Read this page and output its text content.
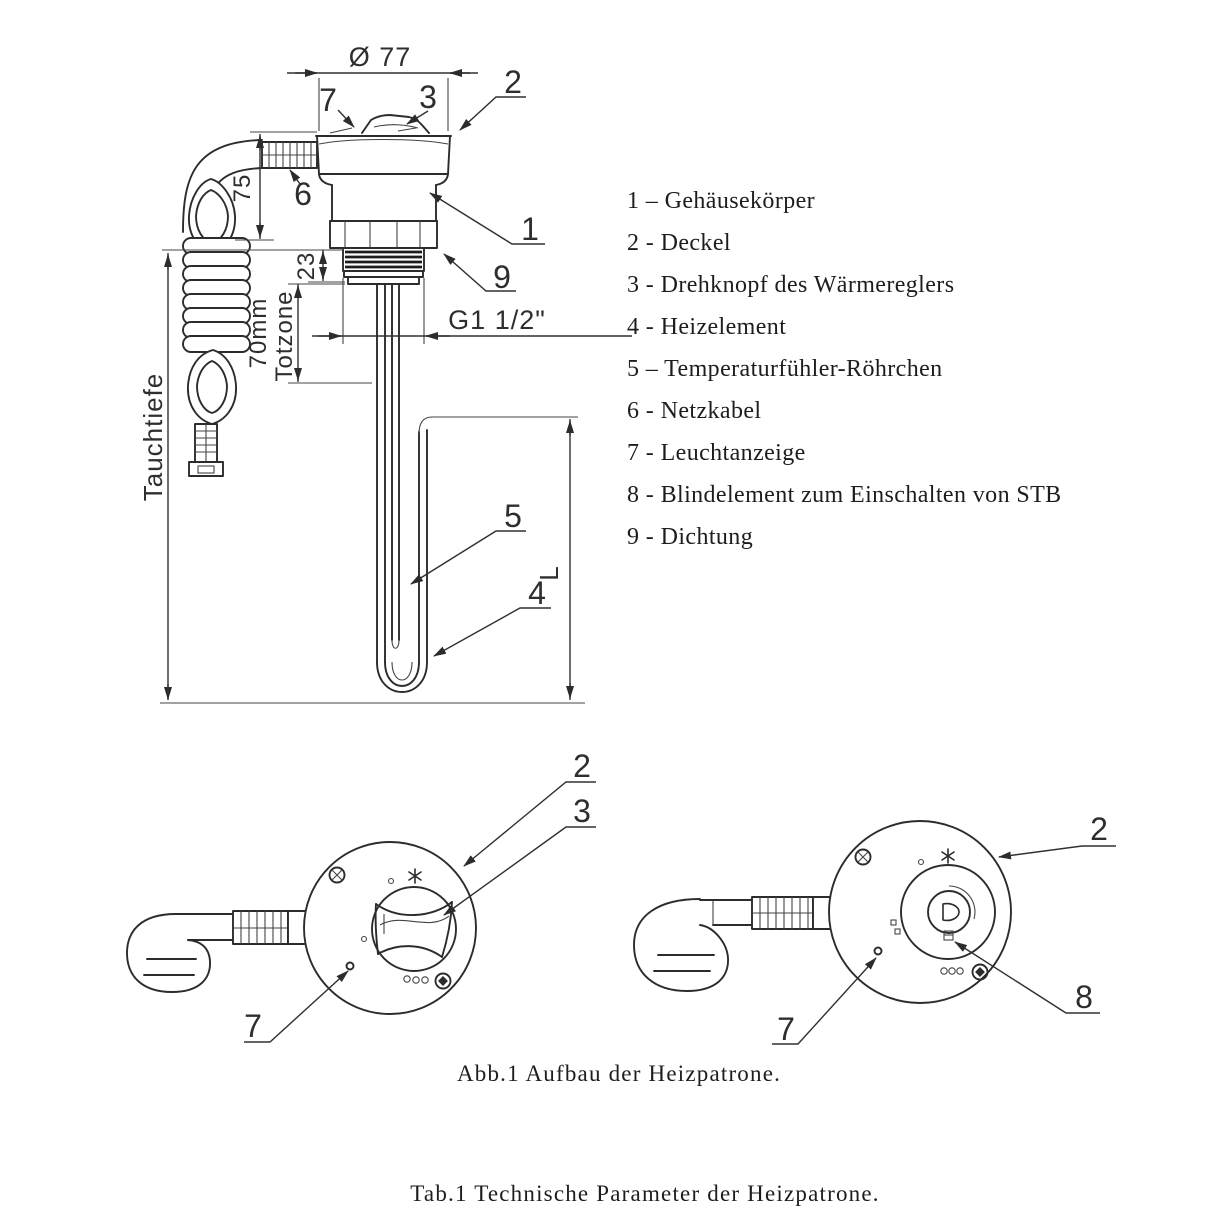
Ø 77
75
Tauchtiefe
23
70mm Totzone	G1 1/2"
L
7	3 2
6
1
9
5
4
2
3
7
2
8
7
1 – Gehäusekörper
2 - Deckel
3 - Drehknopf des Wärmereglers
4 - Heizelement
5 – Temperaturfühler-Röhrchen
6 - Netzkabel
7 - Leuchtanzeige
8 - Blindelement zum Einschalten von STB
9 - Dichtung
Abb.1 Aufbau der Heizpatrone.
Tab.1 Technische Parameter der Heizpatrone.
